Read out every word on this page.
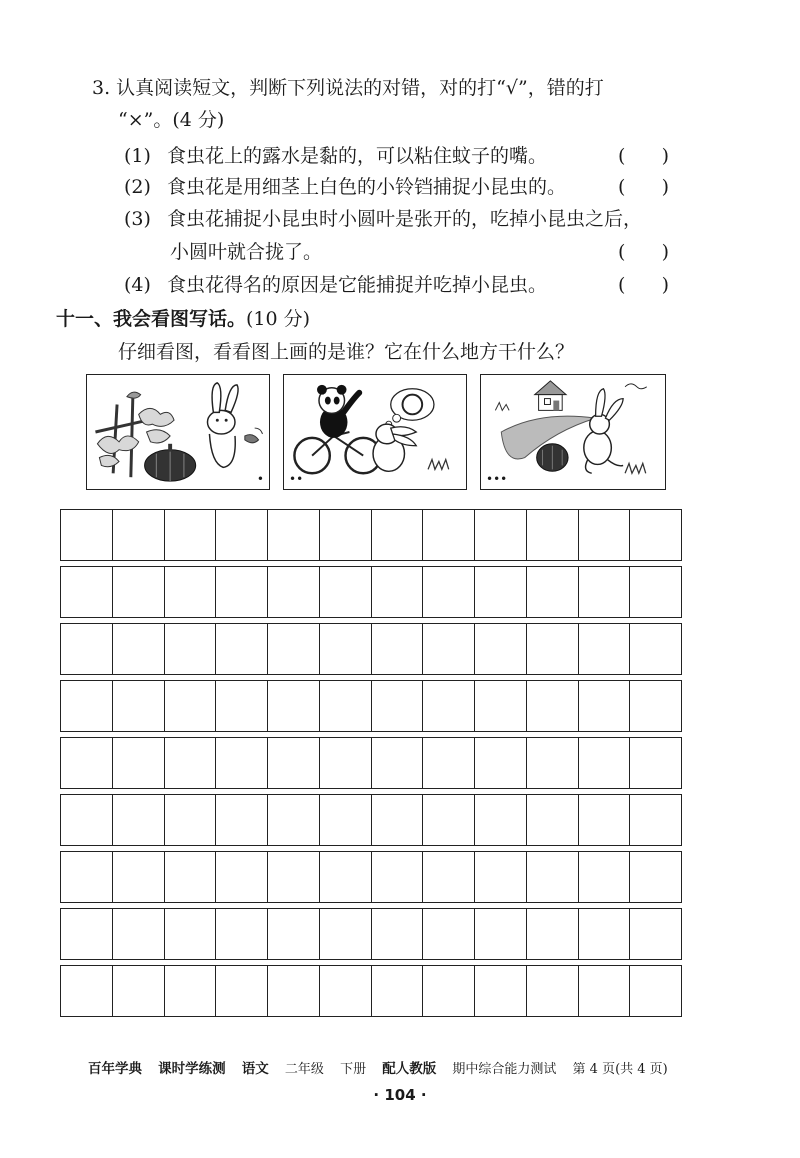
3. 认真阅读短文，判断下列说法的对错，对的打“√”，错的打
“×”。(4 分)
(1) 食虫花上的露水是黏的，可以粘住蚊子的嘴。	(      )
(2) 食虫花是用细茎上白色的小铃铛捕捉小昆虫的。	(      )
(3) 食虫花捕捉小昆虫时小圆叶是张开的，吃掉小昆虫之后，
小圆叶就合拢了。	(      )
(4) 食虫花得名的原因是它能捕捉并吃掉小昆虫。	(      )
十一、我会看图写话。(10 分)
仔细看图，看看图上画的是谁？它在什么地方干什么？
• ••	•••
百年学典 课时学练测 语文 二年级 下册 配人教版 期中综合能力测试 第 4 页(共 4 页)
· 104 ·
